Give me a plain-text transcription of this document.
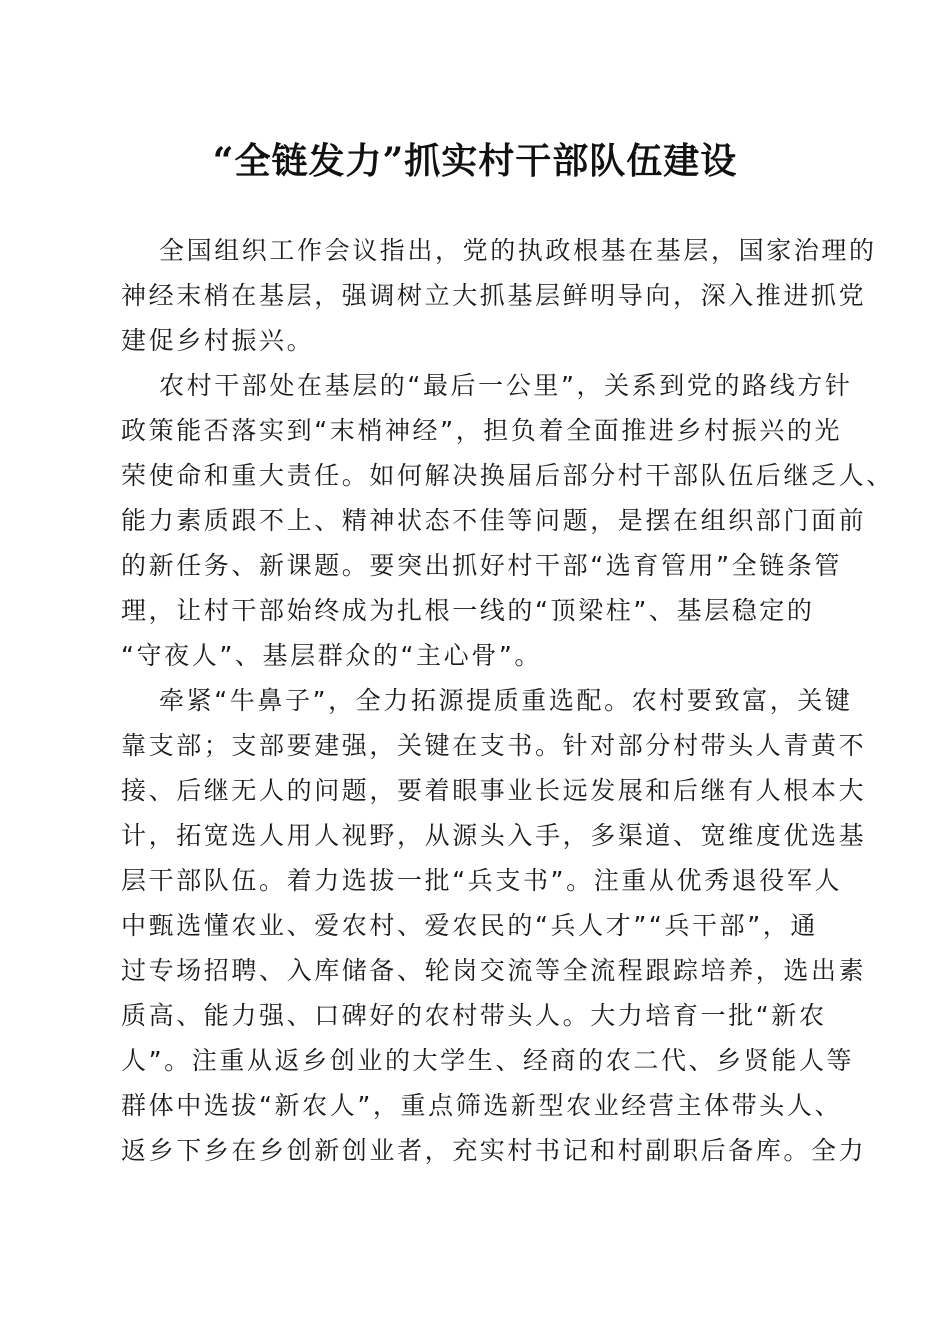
“全链发力”抓实村干部队伍建设
全国组织工作会议指出，党的执政根基在基层，国家治理的
神经末梢在基层，强调树立大抓基层鲜明导向，深入推进抓党
建促乡村振兴。
农村干部处在基层的“最后一公里”，关系到党的路线方针
政策能否落实到“末梢神经”，担负着全面推进乡村振兴的光
荣使命和重大责任。如何解决换届后部分村干部队伍后继乏人、
能力素质跟不上、精神状态不佳等问题，是摆在组织部门面前
的新任务、新课题。要突出抓好村干部“选育管用”全链条管
理，让村干部始终成为扎根一线的“顶梁柱”、基层稳定的
“守夜人”、基层群众的“主心骨”。
牵紧“牛鼻子”，全力拓源提质重选配。农村要致富，关键
靠支部；支部要建强，关键在支书。针对部分村带头人青黄不
接、后继无人的问题，要着眼事业长远发展和后继有人根本大
计，拓宽选人用人视野，从源头入手，多渠道、宽维度优选基
层干部队伍。着力选拔一批“兵支书”。注重从优秀退役军人
中甄选懂农业、爱农村、爱农民的“兵人才”“兵干部”，通
过专场招聘、入库储备、轮岗交流等全流程跟踪培养，选出素
质高、能力强、口碑好的农村带头人。大力培育一批“新农
人”。注重从返乡创业的大学生、经商的农二代、乡贤能人等
群体中选拔“新农人”，重点筛选新型农业经营主体带头人、
返乡下乡在乡创新创业者，充实村书记和村副职后备库。全力
